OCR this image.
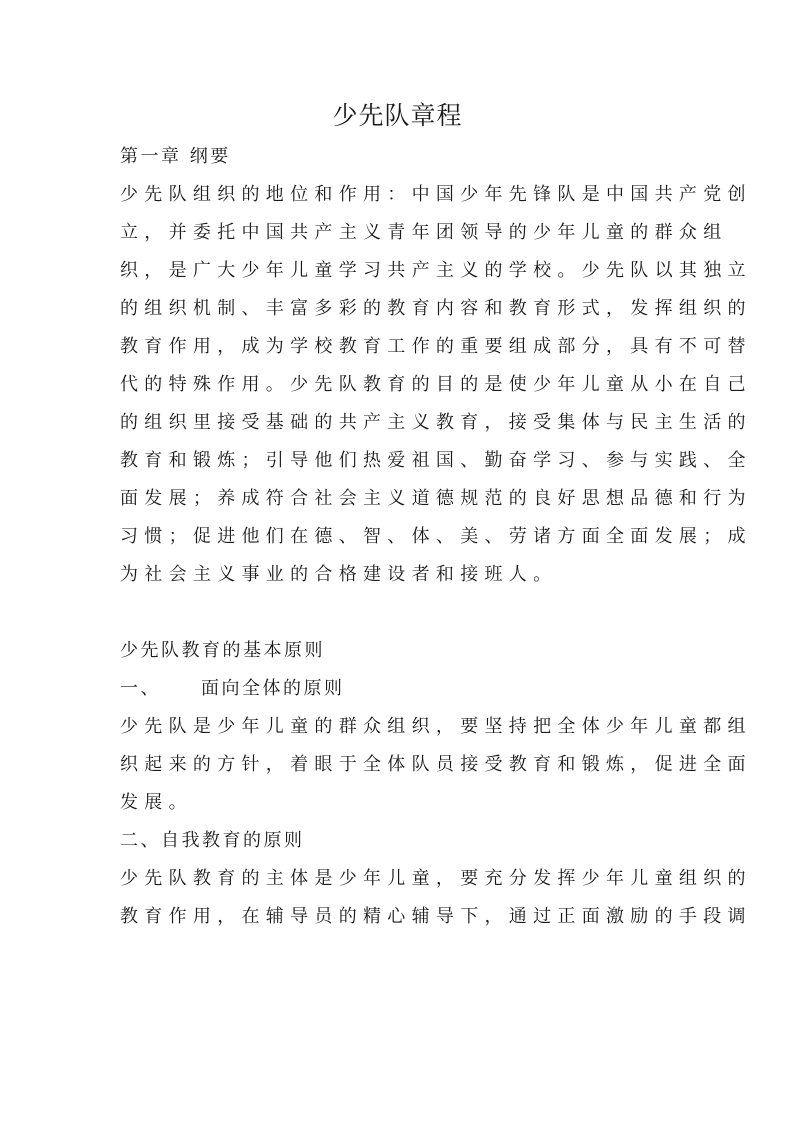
少先队章程
第一章 纲要
少先队组织的地位和作用：中国少年先锋队是中国共产党创
立，并委托中国共产主义青年团领导的少年儿童的群众组
织，是广大少年儿童学习共产主义的学校。少先队以其独立
的组织机制、丰富多彩的教育内容和教育形式，发挥组织的
教育作用，成为学校教育工作的重要组成部分，具有不可替
代的特殊作用。少先队教育的目的是使少年儿童从小在自己
的组织里接受基础的共产主义教育，接受集体与民主生活的
教育和锻炼；引导他们热爱祖国、勤奋学习、参与实践、全
面发展；养成符合社会主义道德规范的良好思想品德和行为
习惯；促进他们在德、智、体、美、劳诸方面全面发展；成
为社会主义事业的合格建设者和接班人。
少先队教育的基本原则
一、 面向全体的原则
少先队是少年儿童的群众组织，要坚持把全体少年儿童都组
织起来的方针，着眼于全体队员接受教育和锻炼，促进全面
发展。
二、自我教育的原则
少先队教育的主体是少年儿童，要充分发挥少年儿童组织的
教育作用，在辅导员的精心辅导下，通过正面激励的手段调
